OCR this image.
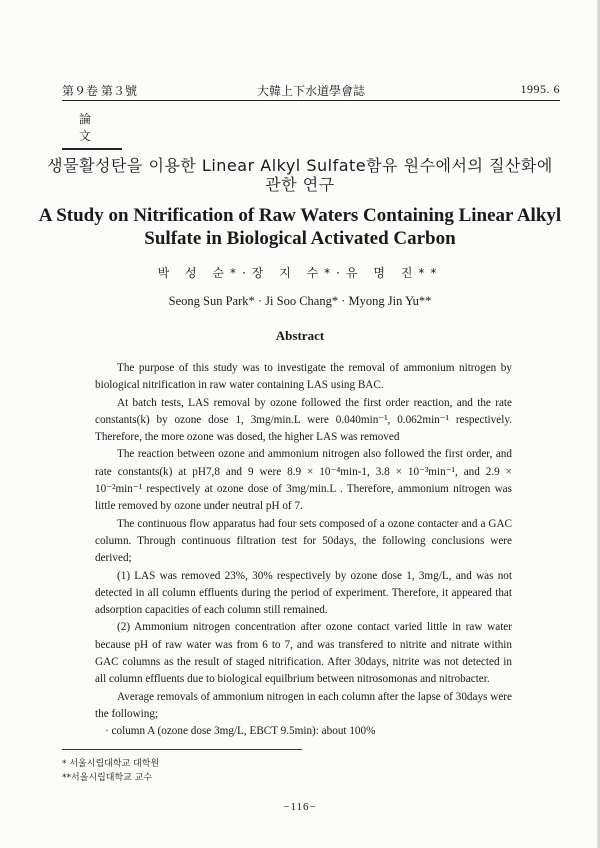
第９卷 第３號	大韓上下水道學會誌	1995. 6
論 文
생물활성탄을 이용한 Linear Alkyl Sulfate함유 원수에서의 질산화에 관한 연구
A Study on Nitrification of Raw Waters Containing Linear Alkyl Sulfate in Biological Activated Carbon
박 성 순*·장 지 수*·유 명 진**
Seong Sun Park* · Ji Soo Chang* · Myong Jin Yu**
Abstract

The purpose of this study was to investigate the removal of ammonium nitrogen by biological nitrification in raw water containing LAS using BAC.

At batch tests, LAS removal by ozone followed the first order reaction, and the rate constants(k) by ozone dose 1, 3mg/min.L were 0.040min⁻¹, 0.062min⁻¹ respectively. Therefore, the more ozone was dosed, the higher LAS was removed

The reaction between ozone and ammonium nitrogen also followed the first order, and rate constants(k) at pH7,8 and 9 were 8.9 × 10⁻⁴min-1, 3.8 × 10⁻³min⁻¹, and 2.9 × 10⁻²min⁻¹ respectively at ozone dose of 3mg/min.L . Therefore, ammonium nitrogen was little removed by ozone under neutral pH of 7.

The continuous flow apparatus had four sets composed of a ozone contacter and a GAC column. Through continuous filtration test for 50days, the following conclusions were derived;

(1) LAS was removed 23%, 30% respectively by ozone dose 1, 3mg/L, and was not detected in all column effluents during the period of experiment. Therefore, it appeared that adsorption capacities of each column still remained.

(2) Ammonium nitrogen concentration after ozone contact varied little in raw water because pH of raw water was from 6 to 7, and was transfered to nitrite and nitrate within GAC columns as the result of staged nitrification. After 30days, nitrite was not detected in all column effluents due to biological equilbrium between nitrosomonas and nitrobacter.

Average removals of ammonium nitrogen in each column after the lapse of 30days were the following;

· column A (ozone dose 3mg/L, EBCT 9.5min): about 100%

* 서울시립대학교 대학원
**서울시립대학교 교수
−116−
